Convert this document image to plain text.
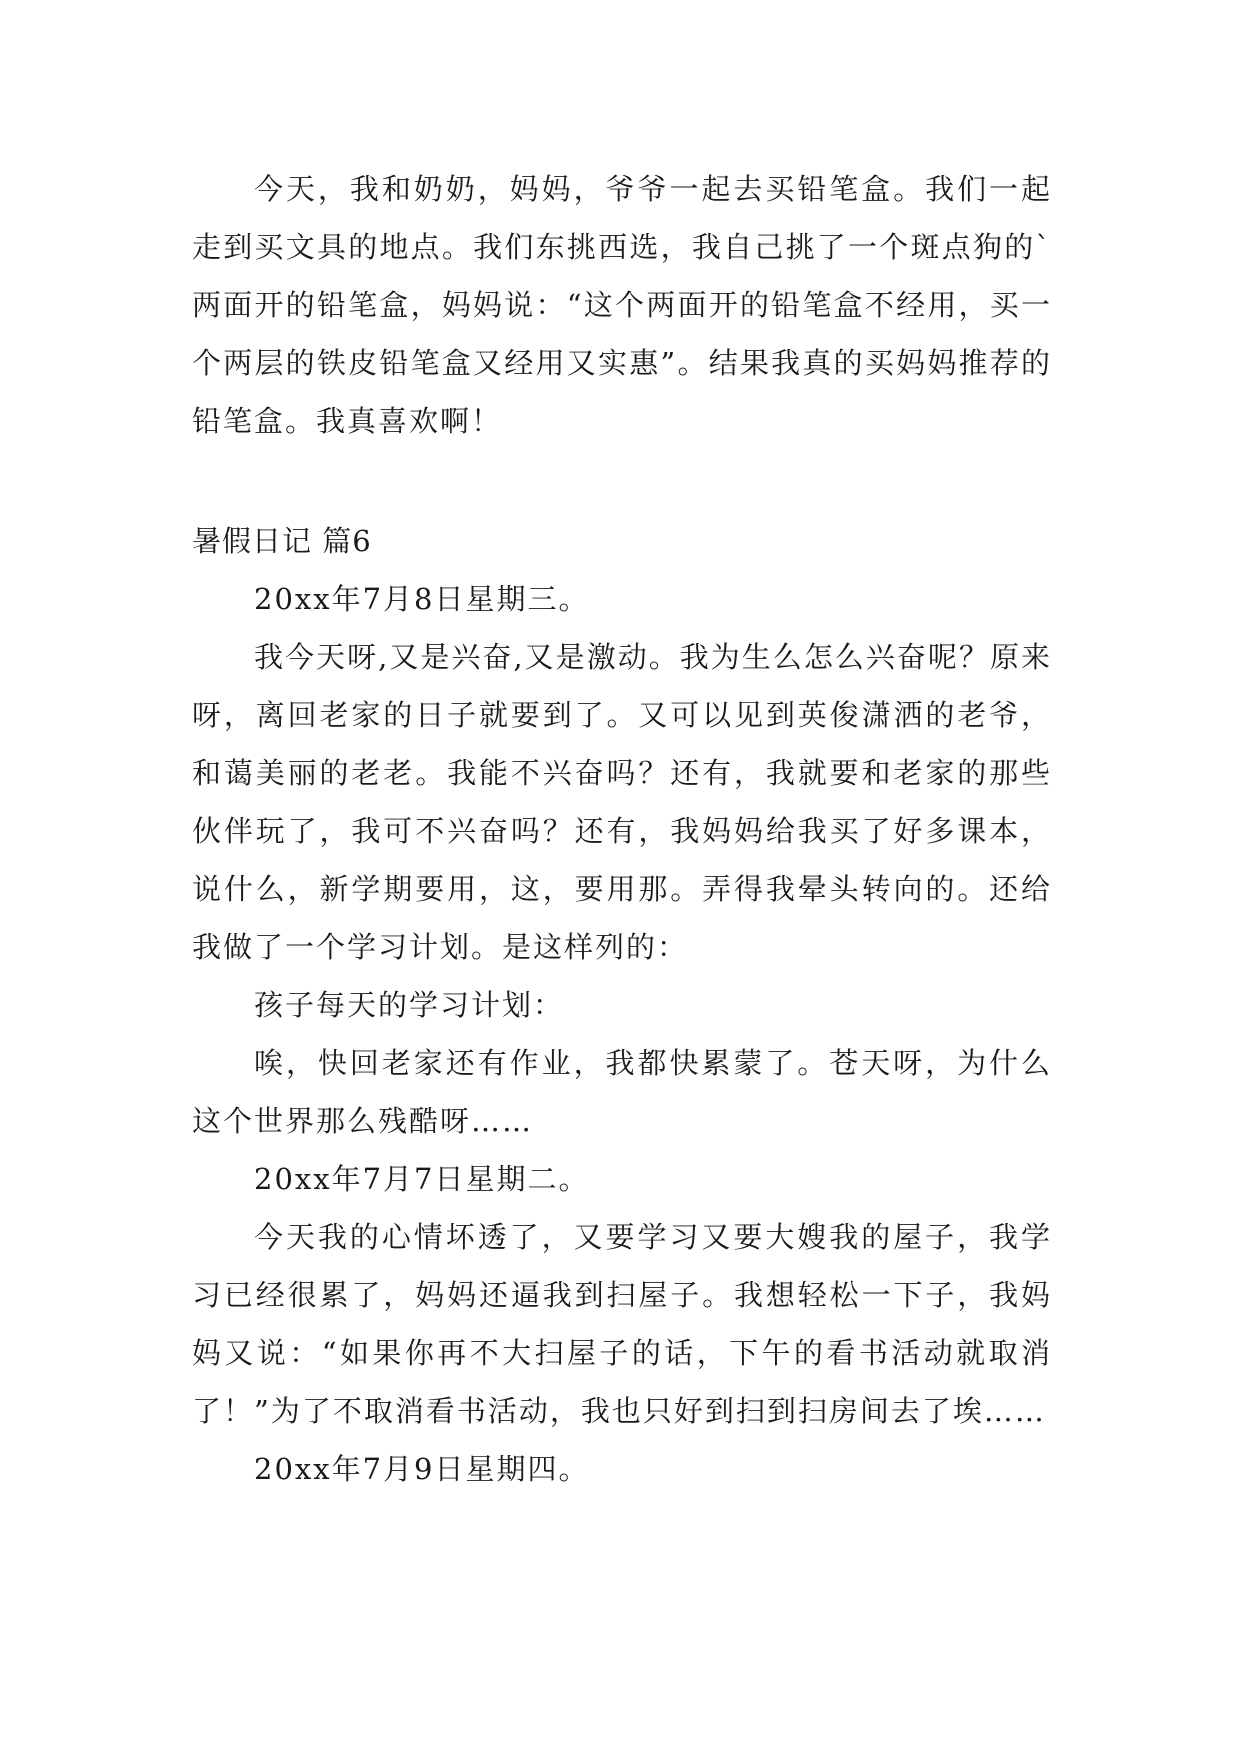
今天，我和奶奶，妈妈，爷爷一起去买铅笔盒。我们一起走到买文具的地点。我们东挑西选，我自己挑了一个斑点狗的`两面开的铅笔盒，妈妈说：“这个两面开的铅笔盒不经用，买一个两层的铁皮铅笔盒又经用又实惠”。结果我真的买妈妈推荐的铅笔盒。我真喜欢啊！

暑假日记 篇6

20xx年7月8日星期三。

我今天呀,又是兴奋,又是激动。我为生么怎么兴奋呢？原来呀，离回老家的日子就要到了。又可以见到英俊潇洒的老爷，和蔼美丽的老老。我能不兴奋吗？还有，我就要和老家的那些伙伴玩了，我可不兴奋吗？还有，我妈妈给我买了好多课本，说什么，新学期要用，这，要用那。弄得我晕头转向的。还给我做了一个学习计划。是这样列的：

孩子每天的学习计划：

唉，快回老家还有作业，我都快累蒙了。苍天呀，为什么这个世界那么残酷呀……

20xx年7月7日星期二。

今天我的心情坏透了，又要学习又要大嫂我的屋子，我学习已经很累了，妈妈还逼我到扫屋子。我想轻松一下子，我妈妈又说：“如果你再不大扫屋子的话，下午的看书活动就取消了！”为了不取消看书活动，我也只好到扫到扫房间去了埃……

20xx年7月9日星期四。
